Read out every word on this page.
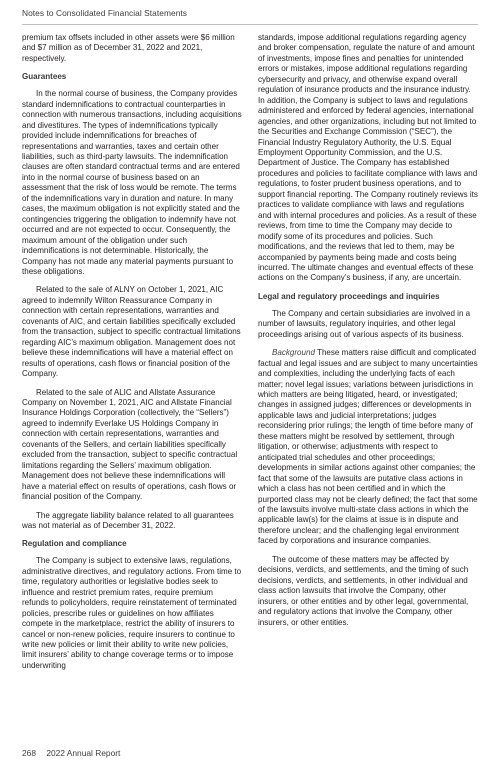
Notes to Consolidated Financial Statements

premium tax offsets included in other assets were $6 million and $7 million as of December 31, 2022 and 2021, respectively.

Guarantees

In the normal course of business, the Company provides standard indemnifications to contractual counterparties in connection with numerous transactions, including acquisitions and divestitures. The types of indemnifications typically provided include indemnifications for breaches of representations and warranties, taxes and certain other liabilities, such as third-party lawsuits. The indemnification clauses are often standard contractual terms and are entered into in the normal course of business based on an assessment that the risk of loss would be remote. The terms of the indemnifications vary in duration and nature. In many cases, the maximum obligation is not explicitly stated and the contingencies triggering the obligation to indemnify have not occurred and are not expected to occur. Consequently, the maximum amount of the obligation under such indemnifications is not determinable. Historically, the Company has not made any material payments pursuant to these obligations.

Related to the sale of ALNY on October 1, 2021, AIC agreed to indemnify Wilton Reassurance Company in connection with certain representations, warranties and covenants of AIC, and certain liabilities specifically excluded from the transaction, subject to specific contractual limitations regarding AIC’s maximum obligation. Management does not believe these indemnifications will have a material effect on results of operations, cash flows or financial position of the Company.

Related to the sale of ALIC and Allstate Assurance Company on November 1, 2021, AIC and Allstate Financial Insurance Holdings Corporation (collectively, the “Sellers”) agreed to indemnify Everlake US Holdings Company in connection with certain representations, warranties and covenants of the Sellers, and certain liabilities specifically excluded from the transaction, subject to specific contractual limitations regarding the Sellers’ maximum obligation. Management does not believe these indemnifications will have a material effect on results of operations, cash flows or financial position of the Company.

The aggregate liability balance related to all guarantees was not material as of December 31, 2022.

Regulation and compliance

The Company is subject to extensive laws, regulations, administrative directives, and regulatory actions. From time to time, regulatory authorities or legislative bodies seek to influence and restrict premium rates, require premium refunds to policyholders, require reinstatement of terminated policies, prescribe rules or guidelines on how affiliates compete in the marketplace, restrict the ability of insurers to cancel or non-renew policies, require insurers to continue to write new policies or limit their ability to write new policies, limit insurers’ ability to change coverage terms or to impose underwriting

standards, impose additional regulations regarding agency and broker compensation, regulate the nature of and amount of investments, impose fines and penalties for unintended errors or mistakes, impose additional regulations regarding cybersecurity and privacy, and otherwise expand overall regulation of insurance products and the insurance industry. In addition, the Company is subject to laws and regulations administered and enforced by federal agencies, international agencies, and other organizations, including but not limited to the Securities and Exchange Commission (“SEC”), the Financial Industry Regulatory Authority, the U.S. Equal Employment Opportunity Commission, and the U.S. Department of Justice. The Company has established procedures and policies to facilitate compliance with laws and regulations, to foster prudent business operations, and to support financial reporting. The Company routinely reviews its practices to validate compliance with laws and regulations and with internal procedures and policies. As a result of these reviews, from time to time the Company may decide to modify some of its procedures and policies. Such modifications, and the reviews that led to them, may be accompanied by payments being made and costs being incurred. The ultimate changes and eventual effects of these actions on the Company’s business, if any, are uncertain.

Legal and regulatory proceedings and inquiries

The Company and certain subsidiaries are involved in a number of lawsuits, regulatory inquiries, and other legal proceedings arising out of various aspects of its business.

Background These matters raise difficult and complicated factual and legal issues and are subject to many uncertainties and complexities, including the underlying facts of each matter; novel legal issues; variations between jurisdictions in which matters are being litigated, heard, or investigated; changes in assigned judges; differences or developments in applicable laws and judicial interpretations; judges reconsidering prior rulings; the length of time before many of these matters might be resolved by settlement, through litigation, or otherwise; adjustments with respect to anticipated trial schedules and other proceedings; developments in similar actions against other companies; the fact that some of the lawsuits are putative class actions in which a class has not been certified and in which the purported class may not be clearly defined; the fact that some of the lawsuits involve multi-state class actions in which the applicable law(s) for the claims at issue is in dispute and therefore unclear; and the challenging legal environment faced by corporations and insurance companies.

The outcome of these matters may be affected by decisions, verdicts, and settlements, and the timing of such decisions, verdicts, and settlements, in other individual and class action lawsuits that involve the Company, other insurers, or other entities and by other legal, governmental, and regulatory actions that involve the Company, other insurers, or other entities.

268 2022 Annual Report
